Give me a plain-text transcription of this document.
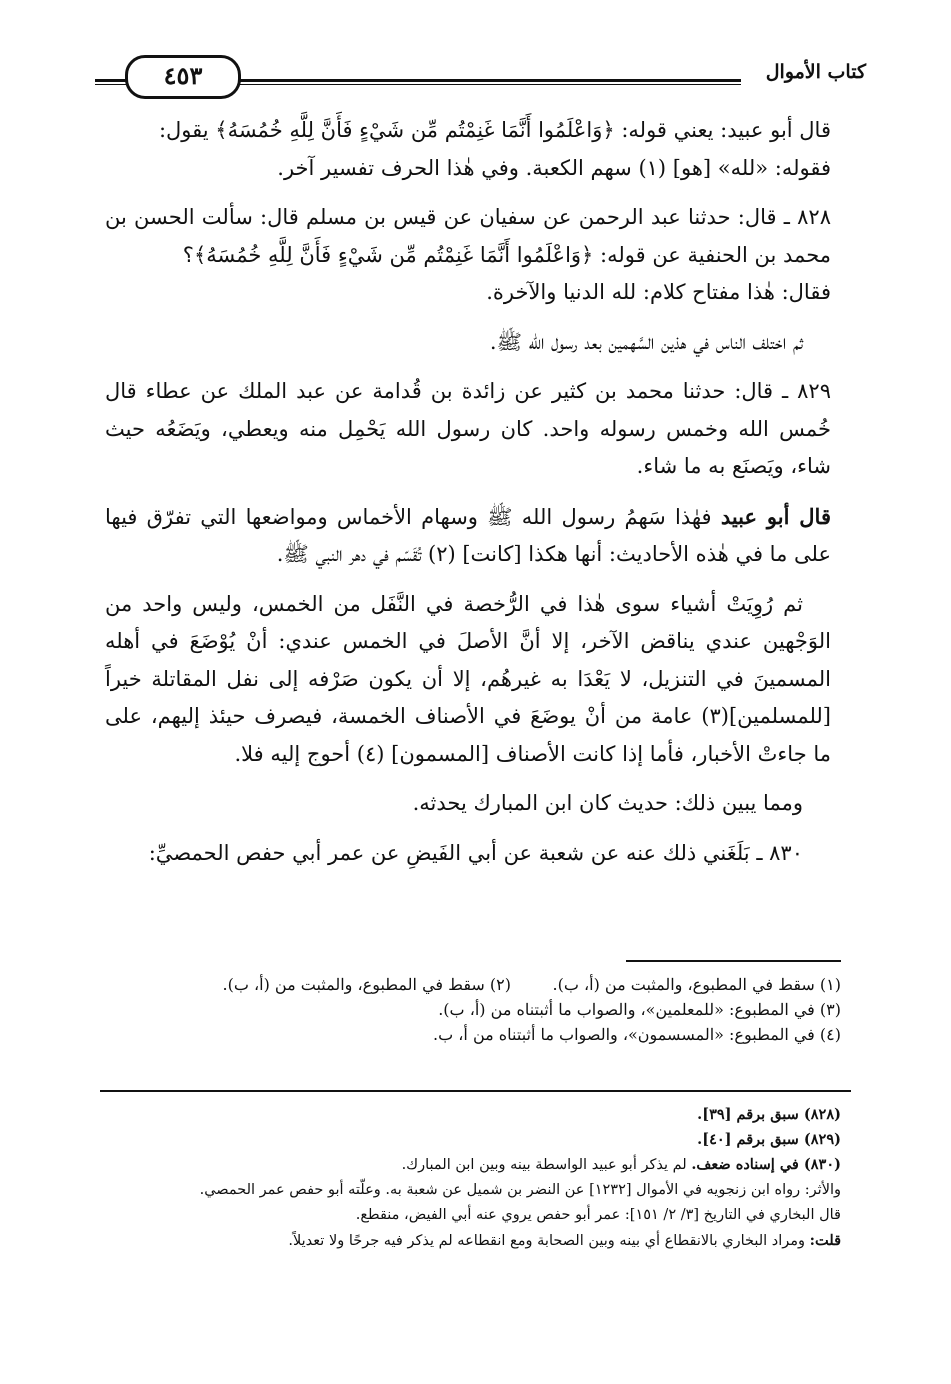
كتاب الأموال
٤٥٣

قال أبو عبيد: يعني قوله: ﴿وَاعْلَمُوا أَنَّمَا غَنِمْتُم مِّن شَيْءٍ فَأَنَّ لِلَّهِ خُمُسَهُ﴾ يقول:
فقوله: «لله» [هو] (١) سهم الكعبة. وفي هٰذا الحرف تفسير آخر.

٨٢٨ ـ قال: حدثنا عبد الرحمن عن سفيان عن قيس بن مسلم قال: سألت الحسن بن محمد بن الحنفية عن قوله: ﴿وَاعْلَمُوا أَنَّمَا غَنِمْتُم مِّن شَيْءٍ فَأَنَّ لِلَّهِ خُمُسَهُ﴾؟
فقال: هٰذا مفتاح كلام: لله الدنيا والآخرة.

ثم اختلف الناس في هذين السَّهمين بعد رسول الله ﷺ.

٨٢٩ ـ قال: حدثنا محمد بن كثير عن زائدة بن قُدامة عن عبد الملك عن عطاء قال خُمس الله وخمس رسوله واحد. كان رسول الله يَحْمِل منه ويعطي، ويَضَعُه حيث شاء، ويَصنَع به ما شاء.

قال أبو عبيد فهٰذا سَهمُ رسول الله ﷺ وسهام الأخماس ومواضعها التي تفرّق فيها على ما في هٰذه الأحاديث: أنها هكذا [كانت] (٢) تُقَسّم في دهر النبي ﷺ.

ثم رُوِيَتْ أشياء سوى هٰذا في الرُّخصة في النَّفَل من الخمس، وليس واحد من الوَجْهين عندي يناقض الآخر، إلا أنَّ الأصلَ في الخمس عندي: أنْ يُوْضَعَ في أهله المسمينَ في التنزيل، لا يَعْدَا به غيرهُم، إلا أن يكون صَرْفه إلى نفل المقاتلة خيراً [للمسلمين](٣) عامة من أنْ يوضَعَ في الأصناف الخمسة، فيصرف حيئذ إليهم، على ما جاءتْ الأخبار، فأما إذا كانت الأصناف [المسمون] (٤) أحوج إليه فلا.

ومما يبين ذلك: حديث كان ابن المبارك يحدثه.

٨٣٠ ـ بَلَغَني ذلك عنه عن شعبة عن أبي الفَيضِ عن عمر أبي حفص الحمصيِّ:

(١) سقط في المطبوع، والمثبت من (أ، ب).(٢) سقط في المطبوع، والمثبت من (أ، ب).

(٣) في المطبوع: «للمعلمين»، والصواب ما أثبتناه من (أ، ب).

(٤) في المطبوع: «المسسمون»، والصواب ما أثبتناه من أ، ب.

(٨٢٨) سبق برقم [٣٩].

(٨٢٩) سبق برقم [٤٠].

(٨٣٠) في إسناده ضعف. لم يذكر أبو عبيد الواسطة بينه وبين ابن المبارك.

والأثر: رواه ابن زنجويه في الأموال [١٢٣٢] عن النضر بن شميل عن شعبة به. وعلّته أبو حفص عمر الحمصي.

قال البخاري في التاريخ [٣/ ٢/ ١٥١]: عمر أبو حفص يروي عنه أبي الفيض، منقطع.

قلت: ومراد البخاري بالانقطاع أي بينه وبين الصحابة ومع انقطاعه لم يذكر فيه جرحًا ولا تعديلاً.
